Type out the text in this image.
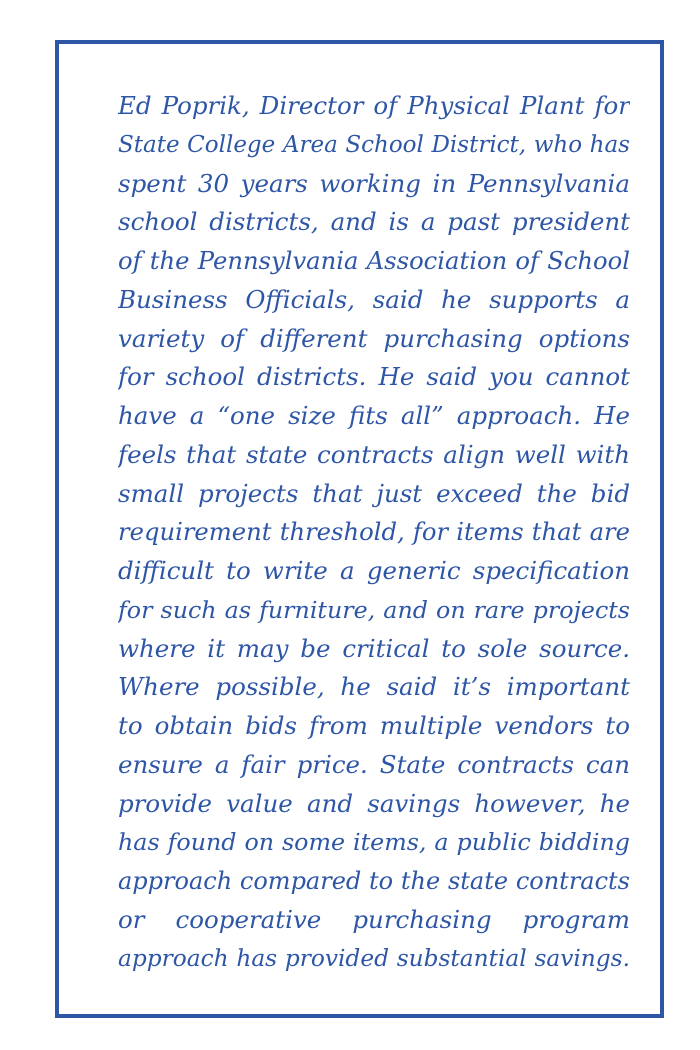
Ed Poprik, Director of Physical Plant for
State College Area School District, who has
spent 30 years working in Pennsylvania
school districts, and is a past president
of the Pennsylvania Association of School
Business Officials, said he supports a
variety of different purchasing options
for school districts. He said you cannot
have a “one size fits all” approach. He
feels that state contracts align well with
small projects that just exceed the bid
requirement threshold, for items that are
difficult to write a generic specification
for such as furniture, and on rare projects
where it may be critical to sole source.
Where possible, he said it’s important
to obtain bids from multiple vendors to
ensure a fair price. State contracts can
provide value and savings however, he
has found on some items, a public bidding
approach compared to the state contracts
or cooperative purchasing program
approach has provided substantial savings.
